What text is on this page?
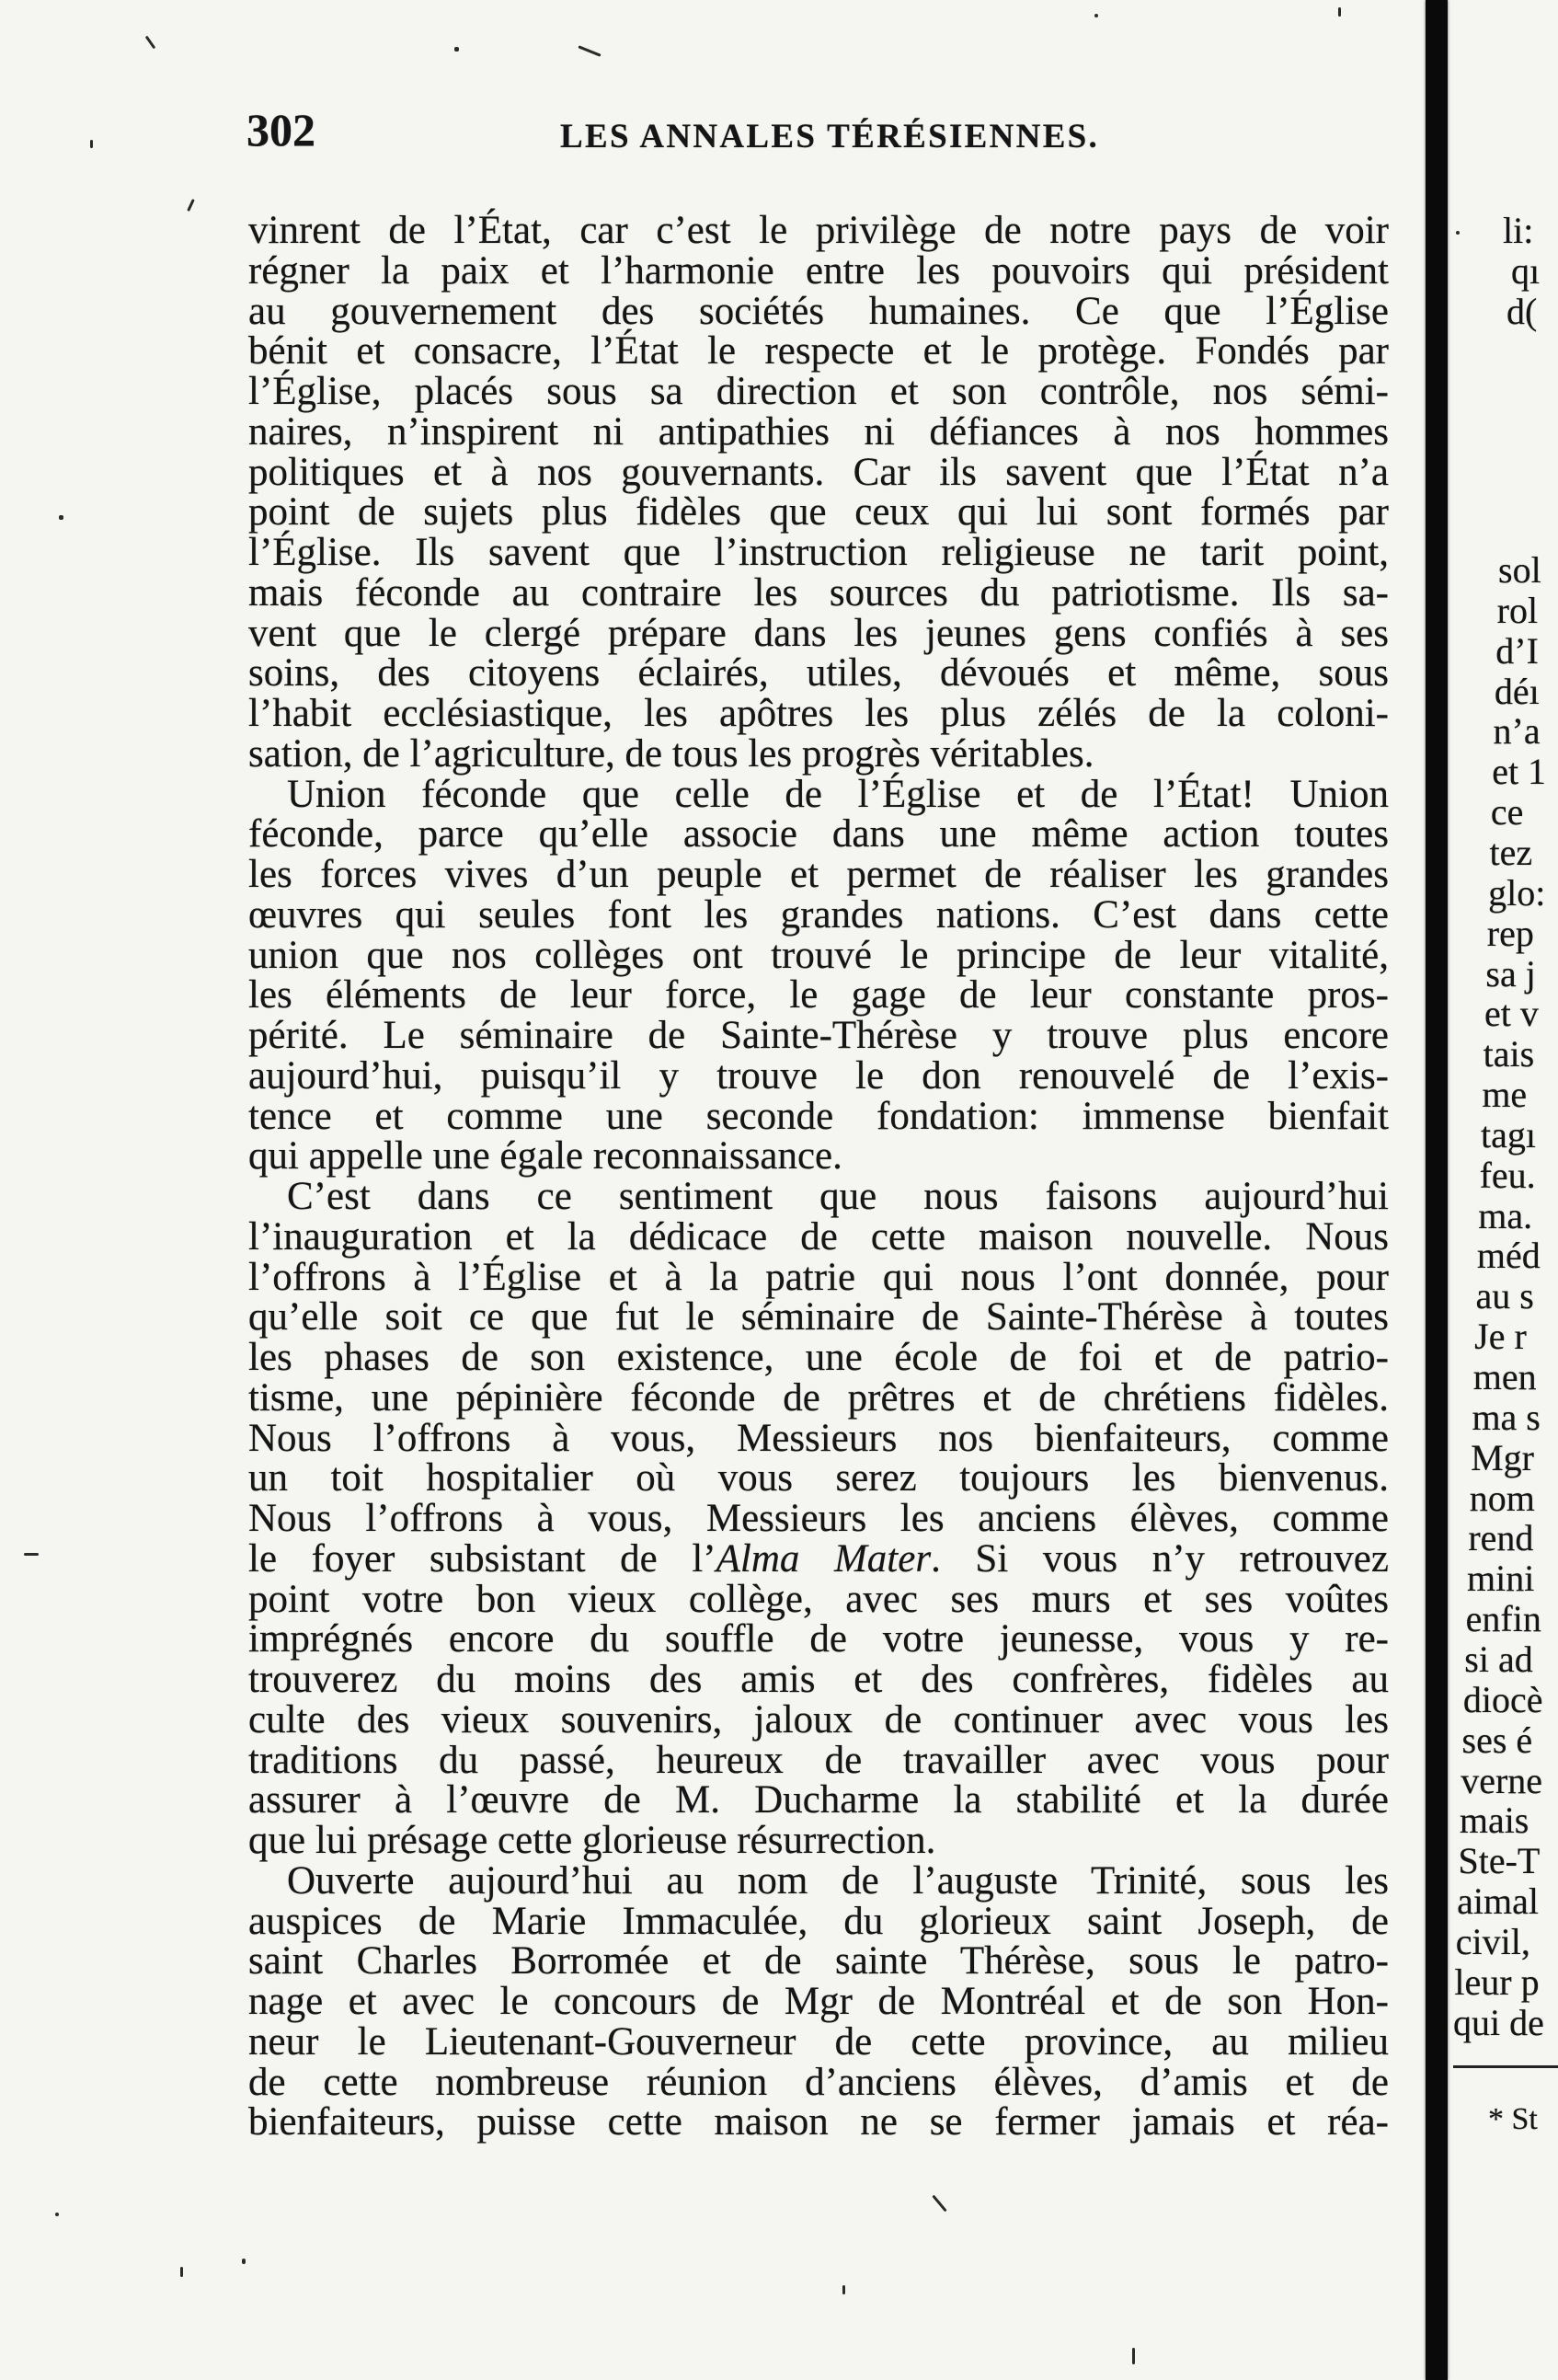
302	LES ANNALES TÉRÉSIENNES.
vinrent de l’État, car c’est le privilège de notre pays de voir
régner la paix et l’harmonie entre les pouvoirs qui président
au gouvernement des sociétés humaines. Ce que l’Église
bénit et consacre, l’État le respecte et le protège. Fondés par
l’Église, placés sous sa direction et son contrôle, nos sémi-
naires, n’inspirent ni antipathies ni défiances à nos hommes
politiques et à nos gouvernants. Car ils savent que l’État n’a
point de sujets plus fidèles que ceux qui lui sont formés par
l’Église. Ils savent que l’instruction religieuse ne tarit point,
mais féconde au contraire les sources du patriotisme. Ils sa-
vent que le clergé prépare dans les jeunes gens confiés à ses
soins, des citoyens éclairés, utiles, dévoués et même, sous
l’habit ecclésiastique, les apôtres les plus zélés de la coloni-
sation, de l’agriculture, de tous les progrès véritables.
Union féconde que celle de l’Église et de l’État! Union
féconde, parce qu’elle associe dans une même action toutes
les forces vives d’un peuple et permet de réaliser les grandes
œuvres qui seules font les grandes nations. C’est dans cette
union que nos collèges ont trouvé le principe de leur vitalité,
les éléments de leur force, le gage de leur constante pros-
périté. Le séminaire de Sainte-Thérèse y trouve plus encore
aujourd’hui, puisqu’il y trouve le don renouvelé de l’exis-
tence et comme une seconde fondation: immense bienfait
qui appelle une égale reconnaissance.
C’est dans ce sentiment que nous faisons aujourd’hui
l’inauguration et la dédicace de cette maison nouvelle. Nous
l’offrons à l’Église et à la patrie qui nous l’ont donnée, pour
qu’elle soit ce que fut le séminaire de Sainte-Thérèse à toutes
les phases de son existence, une école de foi et de patrio-
tisme, une pépinière féconde de prêtres et de chrétiens fidèles.
Nous l’offrons à vous, Messieurs nos bienfaiteurs, comme
un toit hospitalier où vous serez toujours les bienvenus.
Nous l’offrons à vous, Messieurs les anciens élèves, comme
le foyer subsistant de l’Alma Mater. Si vous n’y retrouvez
point votre bon vieux collège, avec ses murs et ses voûtes
imprégnés encore du souffle de votre jeunesse, vous y re-
trouverez du moins des amis et des confrères, fidèles au
culte des vieux souvenirs, jaloux de continuer avec vous les
traditions du passé, heureux de travailler avec vous pour
assurer à l’œuvre de M. Ducharme la stabilité et la durée
que lui présage cette glorieuse résurrection.
Ouverte aujourd’hui au nom de l’auguste Trinité, sous les
auspices de Marie Immaculée, du glorieux saint Joseph, de
saint Charles Borromée et de sainte Thérèse, sous le patro-
nage et avec le concours de Mgr de Montréal et de son Hon-
neur le Lieutenant-Gouverneur de cette province, au milieu
de cette nombreuse réunion d’anciens élèves, d’amis et de
bienfaiteurs, puisse cette maison ne se fermer jamais et réa-
li:
qı
d(
sol
rol
d’I
déı
n’a
et 1
ce
tez
glo:
rep
sa j
et v
tais
me
tagı
feu.
ma.
méd
au s
Je r
men
ma s
Mgr
nom
rend
mini
enfin
si ad
diocè
ses é
verne
mais
Ste-T
aimal
civil,
leur p
qui de
* St
